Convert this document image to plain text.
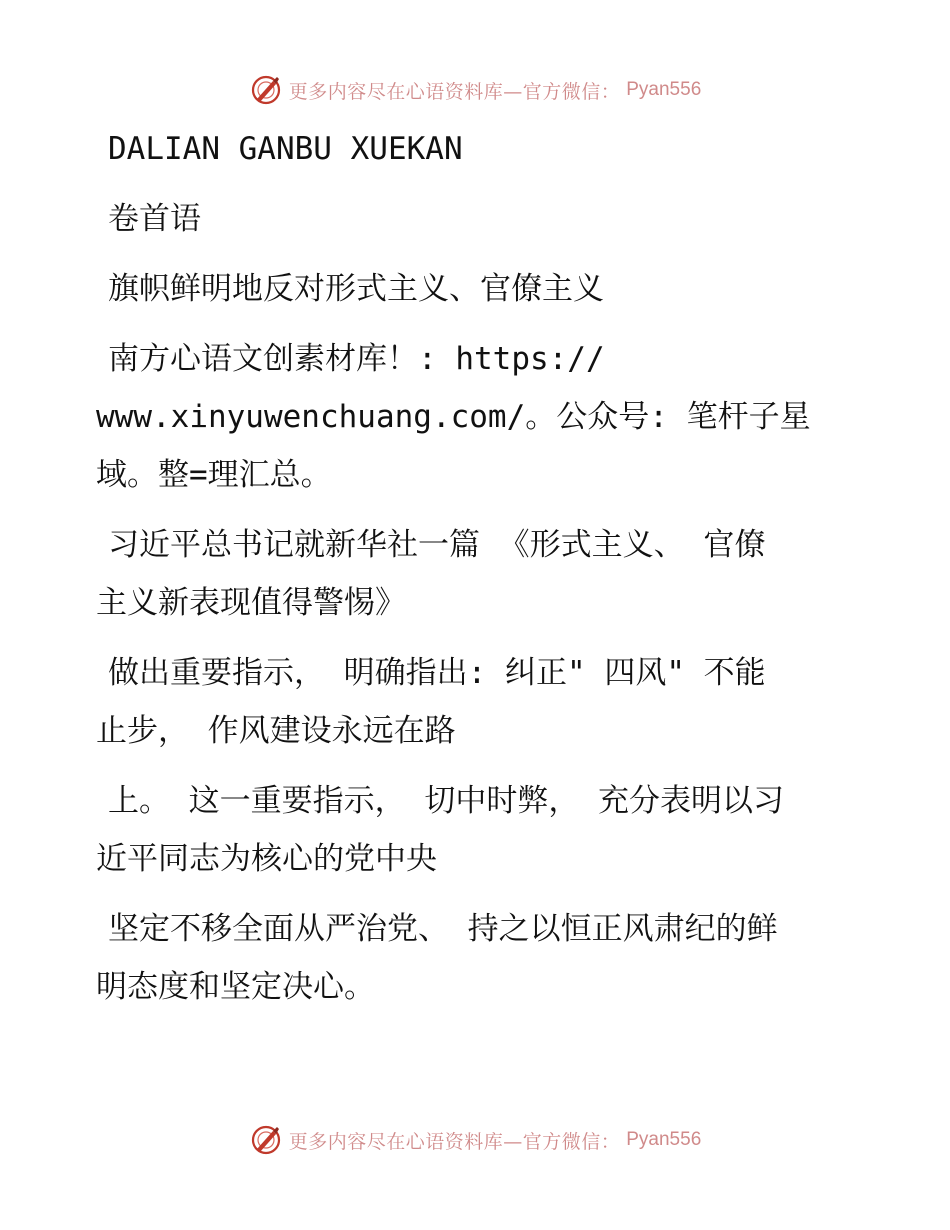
更多内容尽在心语资料库—官方微信： Pyan556

DALIAN GANBU XUEKAN

卷首语

旗帜鲜明地反对形式主义、官僚主义

南方心语文创素材库！: https://

www.xinyuwenchuang.com/。公众号: 笔杆子星

域。整=理汇总。

习近平总书记就新华社一篇 《形式主义、 官僚

主义新表现值得警惕》

做出重要指示， 明确指出: 纠正" 四风" 不能

止步， 作风建设永远在路

上。 这一重要指示， 切中时弊， 充分表明以习

近平同志为核心的党中央

坚定不移全面从严治党、 持之以恒正风肃纪的鲜

明态度和坚定决心。

更多内容尽在心语资料库—官方微信： Pyan556
